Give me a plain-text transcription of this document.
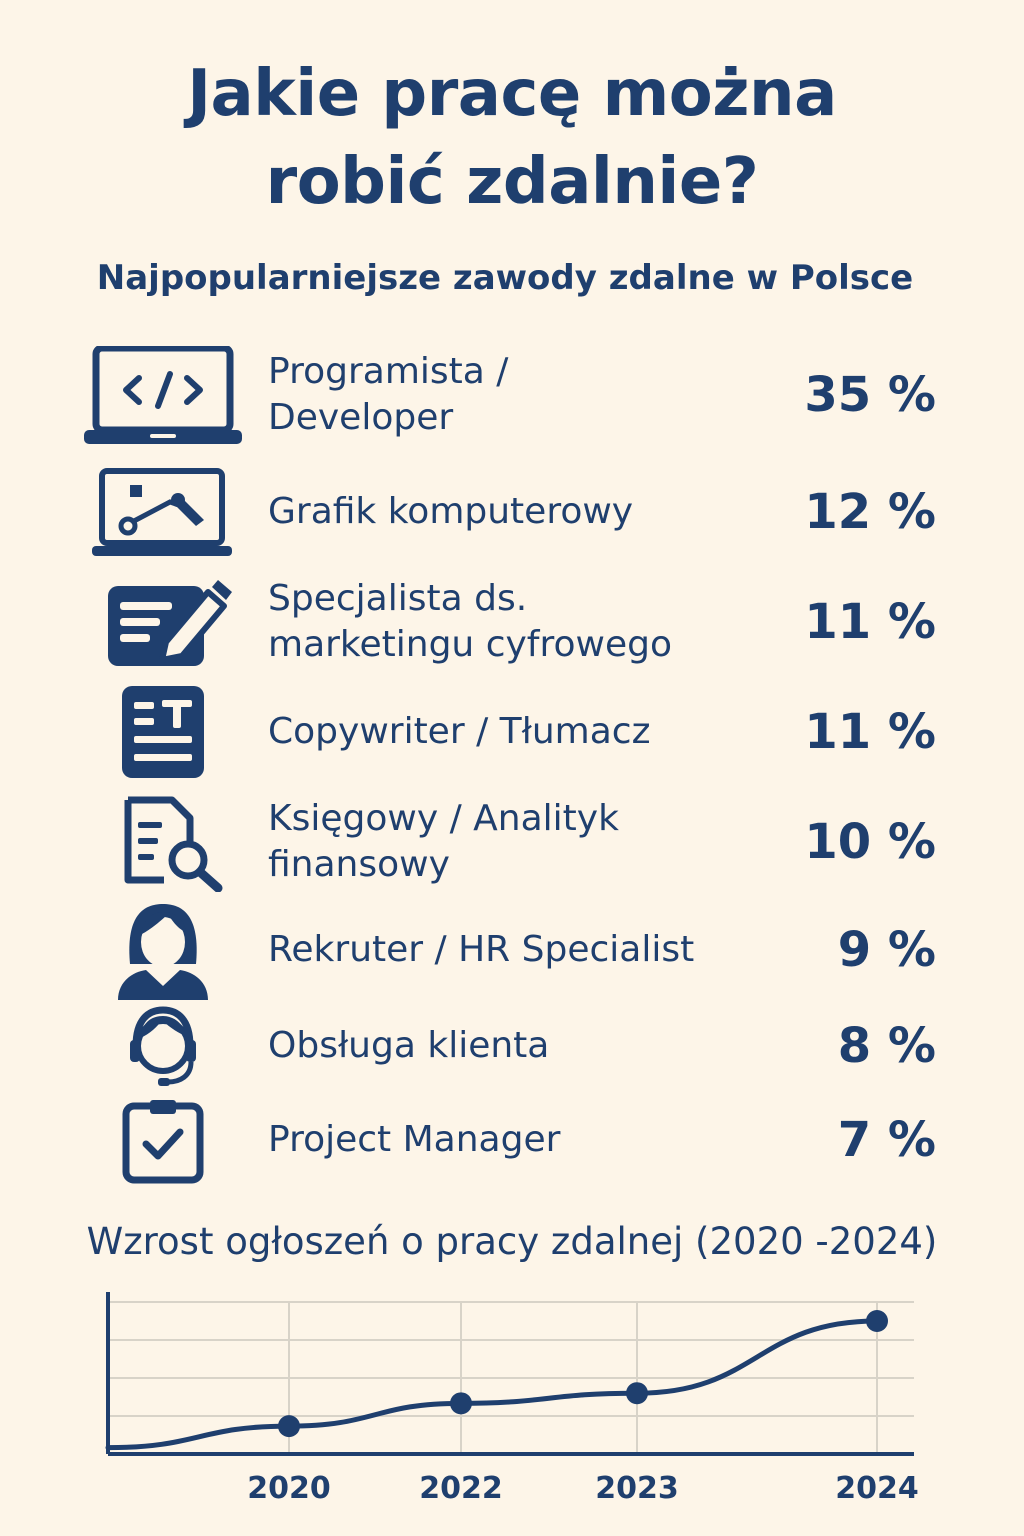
Jakie pracę można
robić zdalnie?
Najpopularniejsze zawody zdalne w Polsce
Programista /
Developer	35 %
Grafik komputerowy	12 %
Specjalista ds.
marketingu cyfrowego	11 %
Copywriter / Tłumacz	11 %
Księgowy / Analityk
finansowy	10 %
Rekruter / HR Specialist	9 %
Obsługa klienta	8 %
Project Manager	7 %
Wzrost ogłoszeń o pracy zdalnej (2020 -2024)
2020	2022	2023	2024
